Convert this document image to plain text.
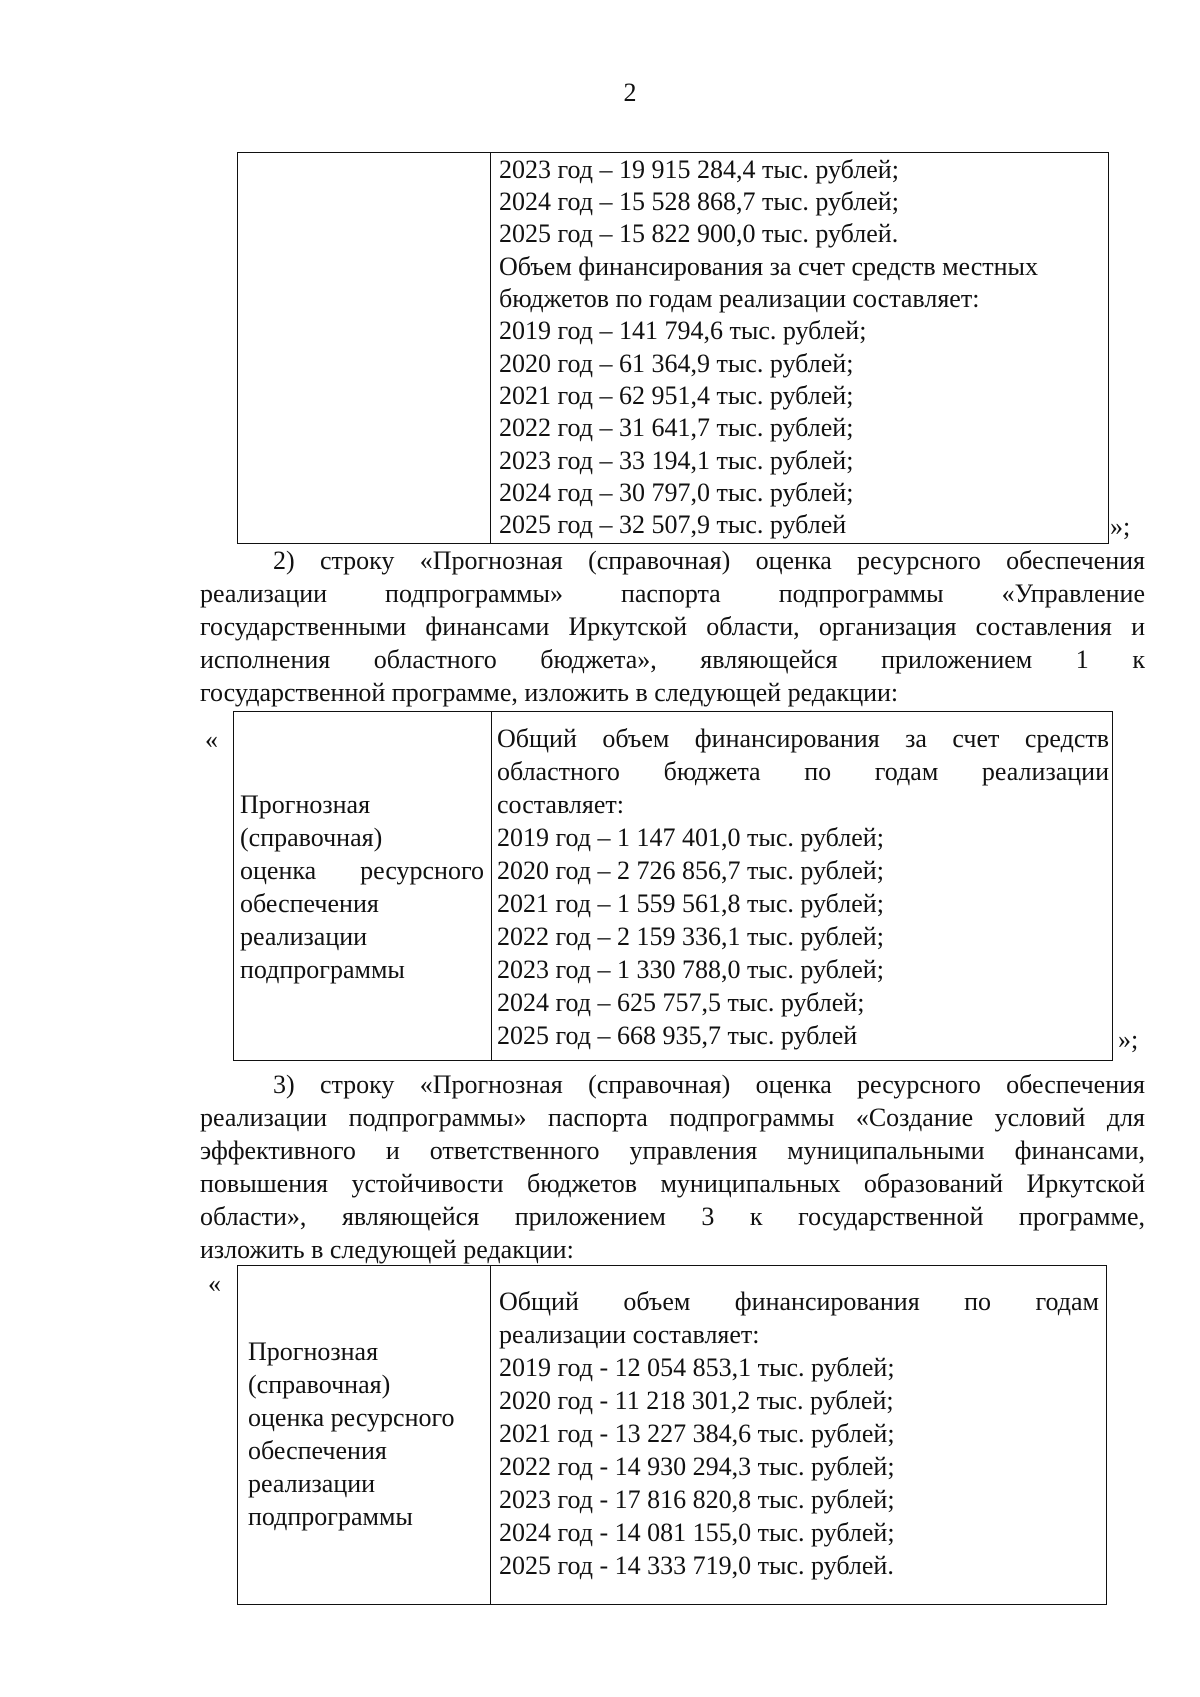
2
2023 год – 19 915 284,4 тыс. рублей;
2024 год – 15 528 868,7 тыс. рублей;
2025 год – 15 822 900,0 тыс. рублей.
Объем финансирования за счет средств местных
бюджетов по годам реализации составляет:
2019 год – 141 794,6 тыс. рублей;
2020 год – 61 364,9 тыс. рублей;
2021 год – 62 951,4 тыс. рублей;
2022 год – 31 641,7 тыс. рублей;
2023 год – 33 194,1 тыс. рублей;
2024 год – 30 797,0 тыс. рублей;
2025 год – 32 507,9 тыс. рублей	»;
2) строку «Прогнозная (справочная) оценка ресурсного обеспечения
реализации подпрограммы» паспорта подпрограммы «Управление
государственными финансами Иркутской области, организация составления и
исполнения областного бюджета», являющейся приложением 1 к
государственной программе, изложить в следующей редакции:
«
Прогнозная
(справочная)
оценка ресурсного
обеспечения
реализации
подпрограммы
Общий объем финансирования за счет средств
областного бюджета по годам реализации
составляет:
2019 год – 1 147 401,0 тыс. рублей;
2020 год – 2 726 856,7 тыс. рублей;
2021 год – 1 559 561,8 тыс. рублей;
2022 год – 2 159 336,1 тыс. рублей;
2023 год – 1 330 788,0 тыс. рублей;
2024 год – 625 757,5 тыс. рублей;
2025 год – 668 935,7 тыс. рублей	»;
3) строку «Прогнозная (справочная) оценка ресурсного обеспечения
реализации подпрограммы» паспорта подпрограммы «Создание условий для
эффективного и ответственного управления муниципальными финансами,
повышения устойчивости бюджетов муниципальных образований Иркутской
области», являющейся приложением 3 к государственной программе,
изложить в следующей редакции:
«
Прогнозная
(справочная)
оценка ресурсного
обеспечения
реализации
подпрограммы
Общий объем финансирования по годам
реализации составляет:
2019 год - 12 054 853,1 тыс. рублей;
2020 год - 11 218 301,2 тыс. рублей;
2021 год - 13 227 384,6 тыс. рублей;
2022 год - 14 930 294,3 тыс. рублей;
2023 год - 17 816 820,8 тыс. рублей;
2024 год - 14 081 155,0 тыс. рублей;
2025 год - 14 333 719,0 тыс. рублей.
